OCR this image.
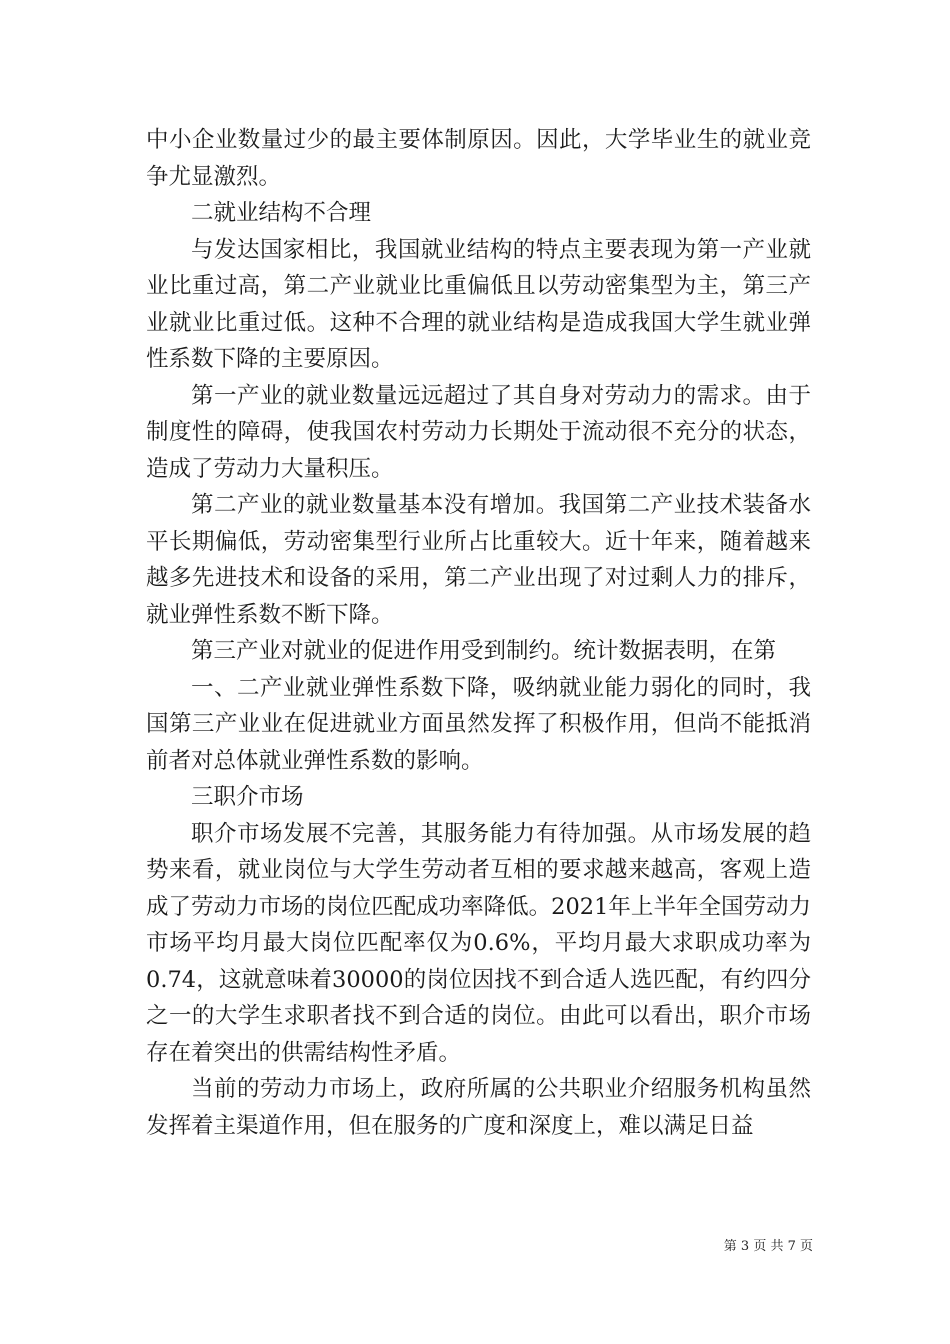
中小企业数量过少的最主要体制原因。因此，大学毕业生的就业竞争尤显激烈。

二就业结构不合理

与发达国家相比，我国就业结构的特点主要表现为第一产业就业比重过高，第二产业就业比重偏低且以劳动密集型为主，第三产业就业比重过低。这种不合理的就业结构是造成我国大学生就业弹性系数下降的主要原因。

第一产业的就业数量远远超过了其自身对劳动力的需求。由于制度性的障碍，使我国农村劳动力长期处于流动很不充分的状态，造成了劳动力大量积压。

第二产业的就业数量基本没有增加。我国第二产业技术装备水平长期偏低，劳动密集型行业所占比重较大。近十年来，随着越来越多先进技术和设备的采用，第二产业出现了对过剩人力的排斥，就业弹性系数不断下降。

第三产业对就业的促进作用受到制约。统计数据表明，在第

一、二产业就业弹性系数下降，吸纳就业能力弱化的同时，我国第三产业业在促进就业方面虽然发挥了积极作用，但尚不能抵消前者对总体就业弹性系数的影响。

三职介市场

职介市场发展不完善，其服务能力有待加强。从市场发展的趋势来看，就业岗位与大学生劳动者互相的要求越来越高，客观上造成了劳动力市场的岗位匹配成功率降低。2021年上半年全国劳动力市场平均月最大岗位匹配率仅为0.6%，平均月最大求职成功率为0.74，这就意味着30000的岗位因找不到合适人选匹配，有约四分之一的大学生求职者找不到合适的岗位。由此可以看出，职介市场存在着突出的供需结构性矛盾。

当前的劳动力市场上，政府所属的公共职业介绍服务机构虽然发挥着主渠道作用，但在服务的广度和深度上，难以满足日益

第 3 页 共 7 页
